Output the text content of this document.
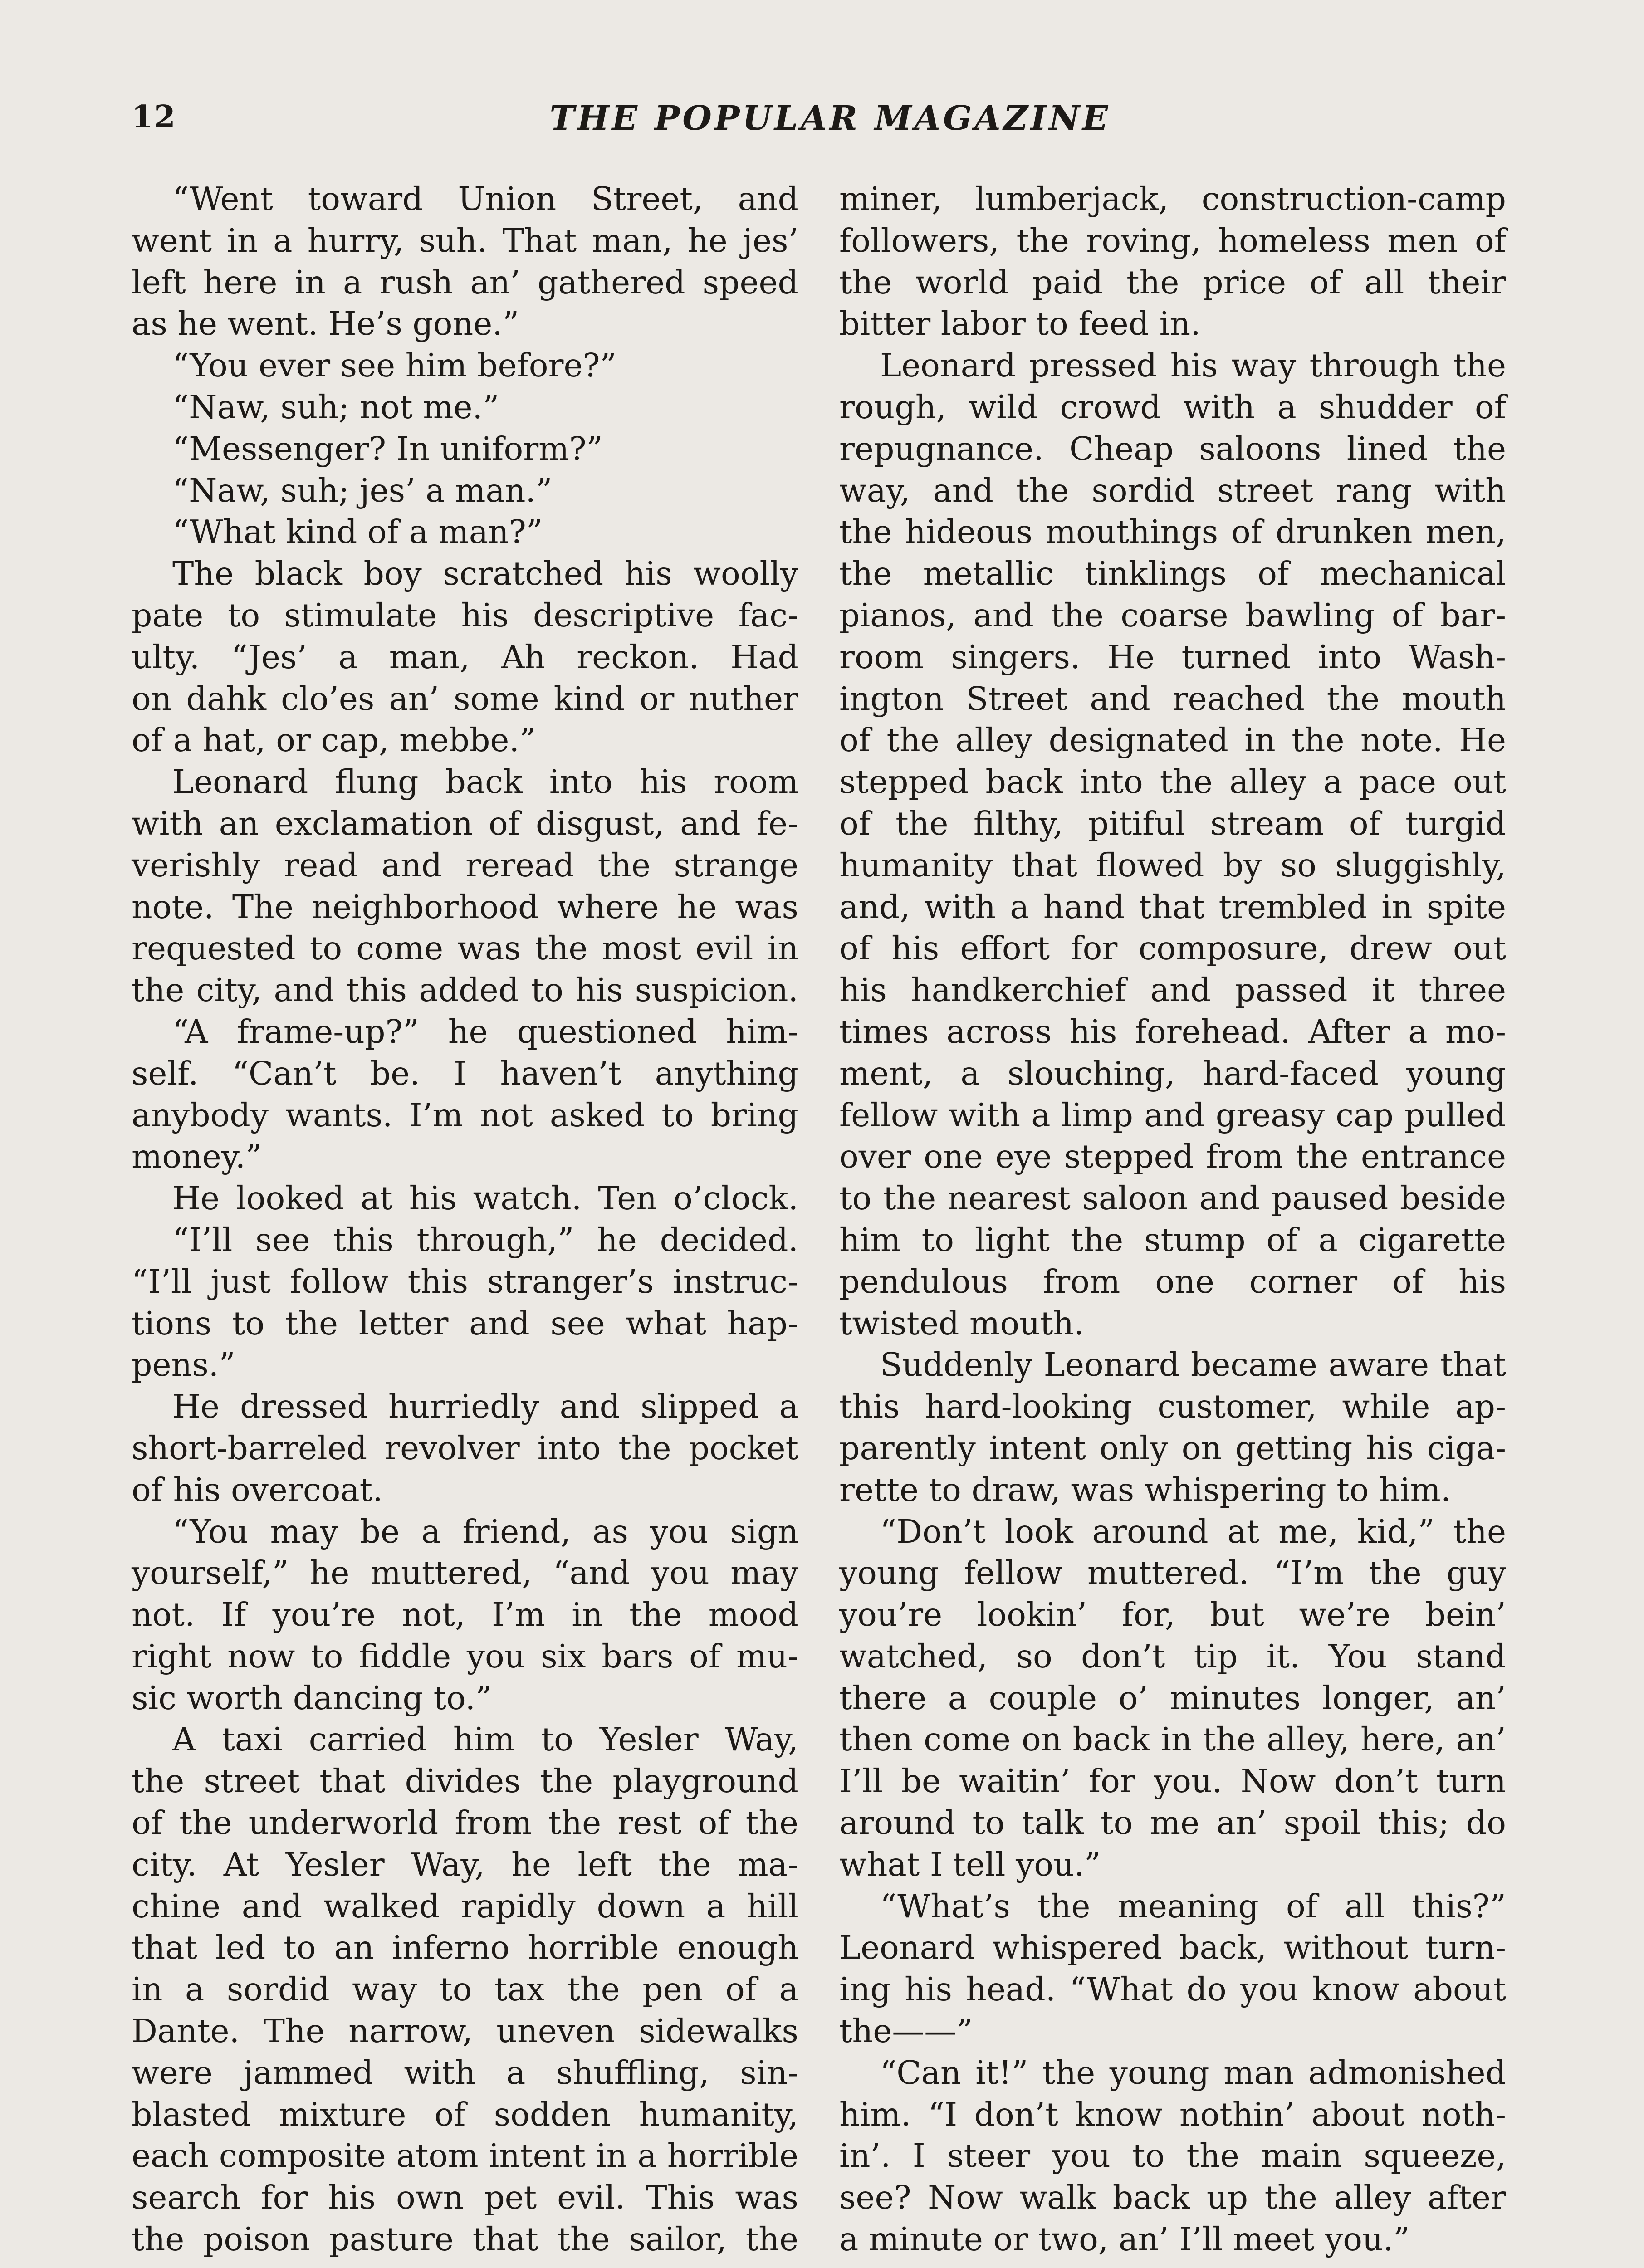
12	THE POPULAR MAGAZINE
“Went toward Union Street, and
went in a hurry, suh. That man, he jes’
left here in a rush an’ gathered speed
as he went. He’s gone.”
“You ever see him before?”
“Naw, suh; not me.”
“Messenger? In uniform?”
“Naw, suh; jes’ a man.”
“What kind of a man?”
The black boy scratched his woolly
pate to stimulate his descriptive fac-
ulty. “Jes’ a man, Ah reckon. Had
on dahk clo’es an’ some kind or nuther
of a hat, or cap, mebbe.”
Leonard flung back into his room
with an exclamation of disgust, and fe-
verishly read and reread the strange
note. The neighborhood where he was
requested to come was the most evil in
the city, and this added to his suspicion.
“A frame-up?” he questioned him-
self. “Can’t be. I haven’t anything
anybody wants. I’m not asked to bring
money.”
He looked at his watch. Ten o’clock.
“I’ll see this through,” he decided.
“I’ll just follow this stranger’s instruc-
tions to the letter and see what hap-
pens.”
He dressed hurriedly and slipped a
short-barreled revolver into the pocket
of his overcoat.
“You may be a friend, as you sign
yourself,” he muttered, “and you may
not. If you’re not, I’m in the mood
right now to fiddle you six bars of mu-
sic worth dancing to.”
A taxi carried him to Yesler Way,
the street that divides the playground
of the underworld from the rest of the
city. At Yesler Way, he left the ma-
chine and walked rapidly down a hill
that led to an inferno horrible enough
in a sordid way to tax the pen of a
Dante. The narrow, uneven sidewalks
were jammed with a shuffling, sin-
blasted mixture of sodden humanity,
each composite atom intent in a horrible
search for his own pet evil. This was
the poison pasture that the sailor, the
miner, lumberjack, construction-camp
followers, the roving, homeless men of
the world paid the price of all their
bitter labor to feed in.
Leonard pressed his way through the
rough, wild crowd with a shudder of
repugnance. Cheap saloons lined the
way, and the sordid street rang with
the hideous mouthings of drunken men,
the metallic tinklings of mechanical
pianos, and the coarse bawling of bar-
room singers. He turned into Wash-
ington Street and reached the mouth
of the alley designated in the note. He
stepped back into the alley a pace out
of the filthy, pitiful stream of turgid
humanity that flowed by so sluggishly,
and, with a hand that trembled in spite
of his effort for composure, drew out
his handkerchief and passed it three
times across his forehead. After a mo-
ment, a slouching, hard-faced young
fellow with a limp and greasy cap pulled
over one eye stepped from the entrance
to the nearest saloon and paused beside
him to light the stump of a cigarette
pendulous from one corner of his
twisted mouth.
Suddenly Leonard became aware that
this hard-looking customer, while ap-
parently intent only on getting his ciga-
rette to draw, was whispering to him.
“Don’t look around at me, kid,” the
young fellow muttered. “I’m the guy
you’re lookin’ for, but we’re bein’
watched, so don’t tip it. You stand
there a couple o’ minutes longer, an’
then come on back in the alley, here, an’
I’ll be waitin’ for you. Now don’t turn
around to talk to me an’ spoil this; do
what I tell you.”
“What’s the meaning of all this?”
Leonard whispered back, without turn-
ing his head. “What do you know about
the——”
“Can it!” the young man admonished
him. “I don’t know nothin’ about noth-
in’. I steer you to the main squeeze,
see? Now walk back up the alley after
a minute or two, an’ I’ll meet you.”
